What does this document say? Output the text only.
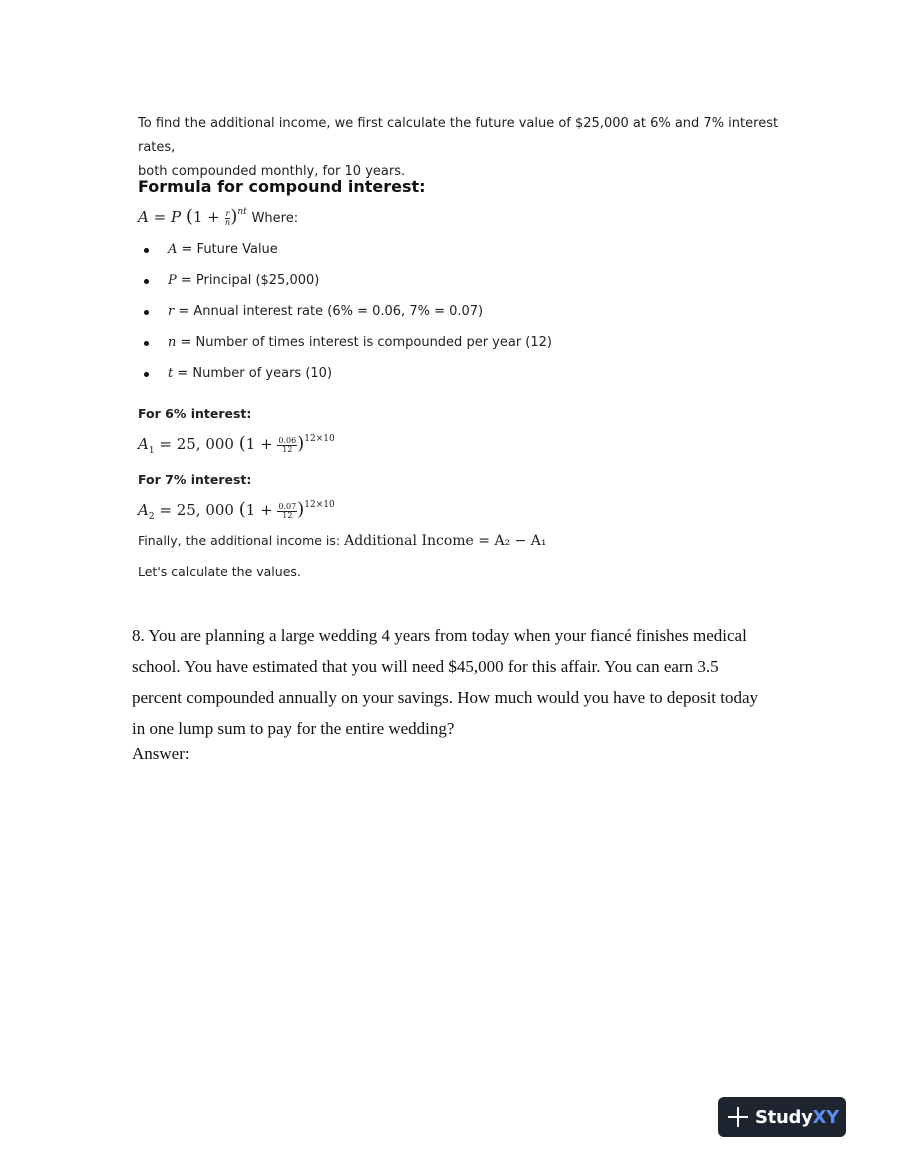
To find the additional income, we first calculate the future value of $25,000 at 6% and 7% interest rates,
both compounded monthly, for 10 years.

Formula for compound interest:
A = P $(1 + \frac{r}{n} )^{nt}$ Where:
A = Future Value
P = Principal ($25,000)
r = Annual interest rate (6% = 0.06, 7% = 0.07)
n = Number of times interest is compounded per year (12)
t = Number of years (10)
For 6% interest:
$A_1 = 25$, 000 $(1 + \frac{0.06}{12} )^{12\times 10}$
For 7% interest:
$A_2 = 25$, 000 $(1 + \frac{0.07}{12} )^{12\times 10}$
Finally, the additional income is: Additional Income = A₂ − A₁
Let's calculate the values.

8. You are planning a large wedding 4 years from today when your fiancé finishes medical school. You have estimated that you will need $45,000 for this affair. You can earn 3.5 percent compounded annually on your savings. How much would you have to deposit today in one lump sum to pay for the entire wedding?

Answer:
StudyXY
